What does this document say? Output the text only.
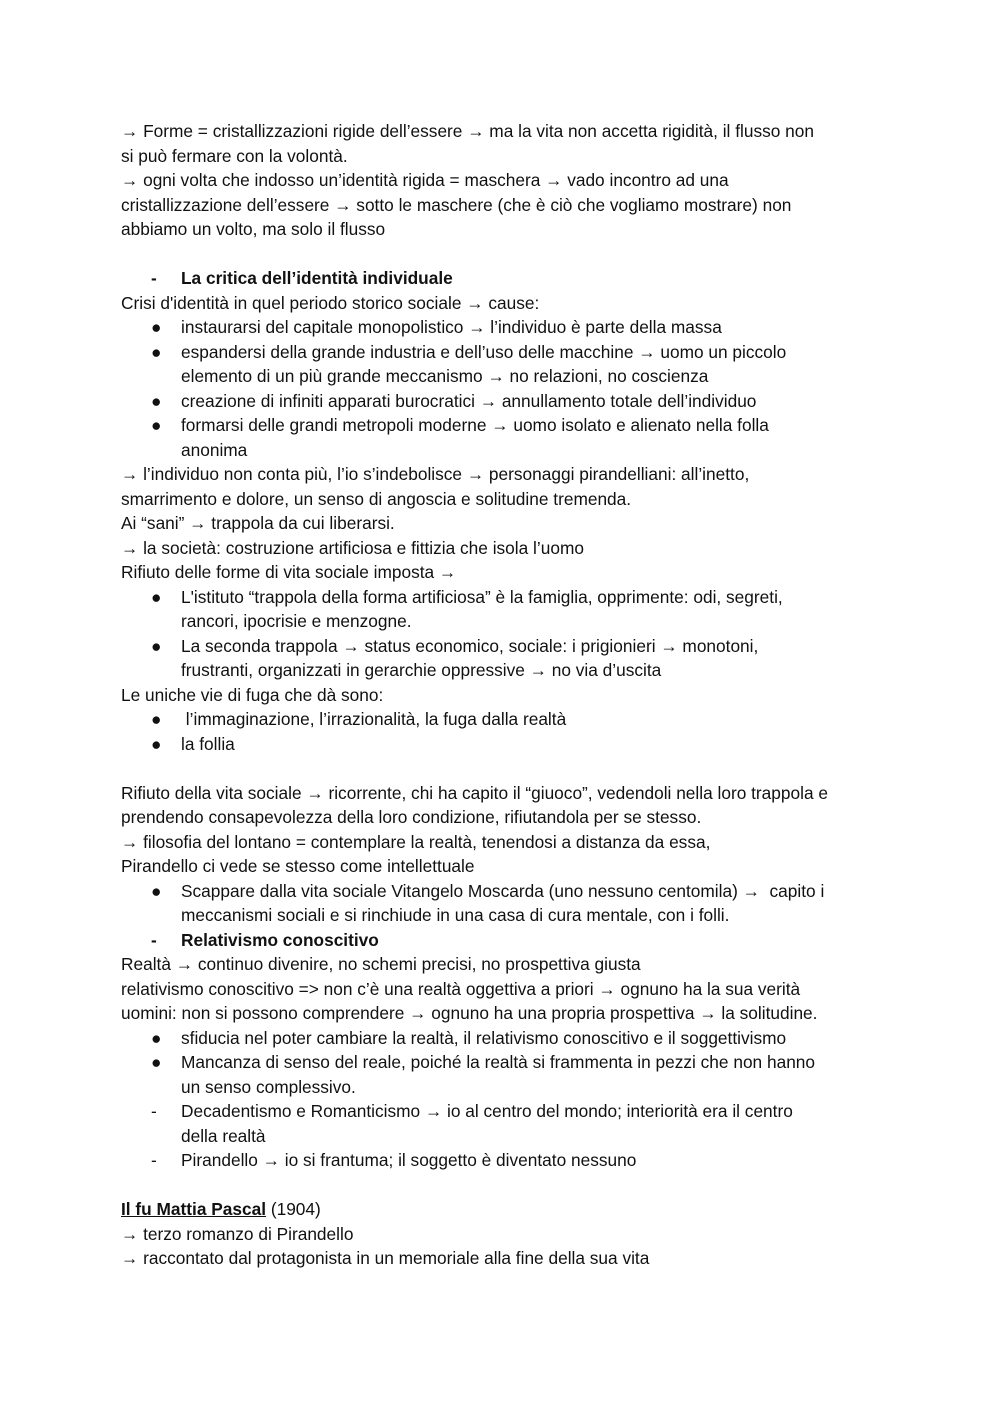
→ Forme = cristallizzazioni rigide dell’essere → ma la vita non accetta rigidità, il flusso non

si può fermare con la volontà.

→ ogni volta che indosso un’identità rigida = maschera → vado incontro ad una

cristallizzazione dell’essere → sotto le maschere (che è ciò che vogliamo mostrare) non

abbiamo un volto, ma solo il flusso

- La critica dell’identità individuale

Crisi d'identità in quel periodo storico sociale → cause:

● instaurarsi del capitale monopolistico → l’individuo è parte della massa
● espandersi della grande industria e dell’uso delle macchine → uomo un piccolo
elemento di un più grande meccanismo → no relazioni, no coscienza
● creazione di infiniti apparati burocratici → annullamento totale dell’individuo
● formarsi delle grandi metropoli moderne → uomo isolato e alienato nella folla
anonima

→ l’individuo non conta più, l’io s’indebolisce → personaggi pirandelliani: all’inetto,

smarrimento e dolore, un senso di angoscia e solitudine tremenda.

Ai “sani” → trappola da cui liberarsi.

→ la società: costruzione artificiosa e fittizia che isola l’uomo

Rifiuto delle forme di vita sociale imposta →

● L'istituto “trappola della forma artificiosa” è la famiglia, opprimente: odi, segreti,
rancori, ipocrisie e menzogne.
● La seconda trappola → status economico, sociale: i prigionieri → monotoni,
frustranti, organizzati in gerarchie oppressive → no via d’uscita

Le uniche vie di fuga che dà sono:

● l’immaginazione, l’irrazionalità, la fuga dalla realtà
● la follia

Rifiuto della vita sociale → ricorrente, chi ha capito il “giuoco”, vedendoli nella loro trappola e

prendendo consapevolezza della loro condizione, rifiutandola per se stesso.

→ filosofia del lontano = contemplare la realtà, tenendosi a distanza da essa,

Pirandello ci vede se stesso come intellettuale

● Scappare dalla vita sociale Vitangelo Moscarda (uno nessuno centomila) →  capito i
meccanismi sociali e si rinchiude in una casa di cura mentale, con i folli.
- Relativismo conoscitivo

Realtà → continuo divenire, no schemi precisi, no prospettiva giusta

relativismo conoscitivo => non c’è una realtà oggettiva a priori → ognuno ha la sua verità

uomini: non si possono comprendere → ognuno ha una propria prospettiva → la solitudine.

● sfiducia nel poter cambiare la realtà, il relativismo conoscitivo e il soggettivismo
● Mancanza di senso del reale, poiché la realtà si frammenta in pezzi che non hanno
un senso complessivo.
- Decadentismo e Romanticismo → io al centro del mondo; interiorità era il centro
della realtà
- Pirandello → io si frantuma; il soggetto è diventato nessuno

Il fu Mattia Pascal (1904)

→ terzo romanzo di Pirandello

→ raccontato dal protagonista in un memoriale alla fine della sua vita
